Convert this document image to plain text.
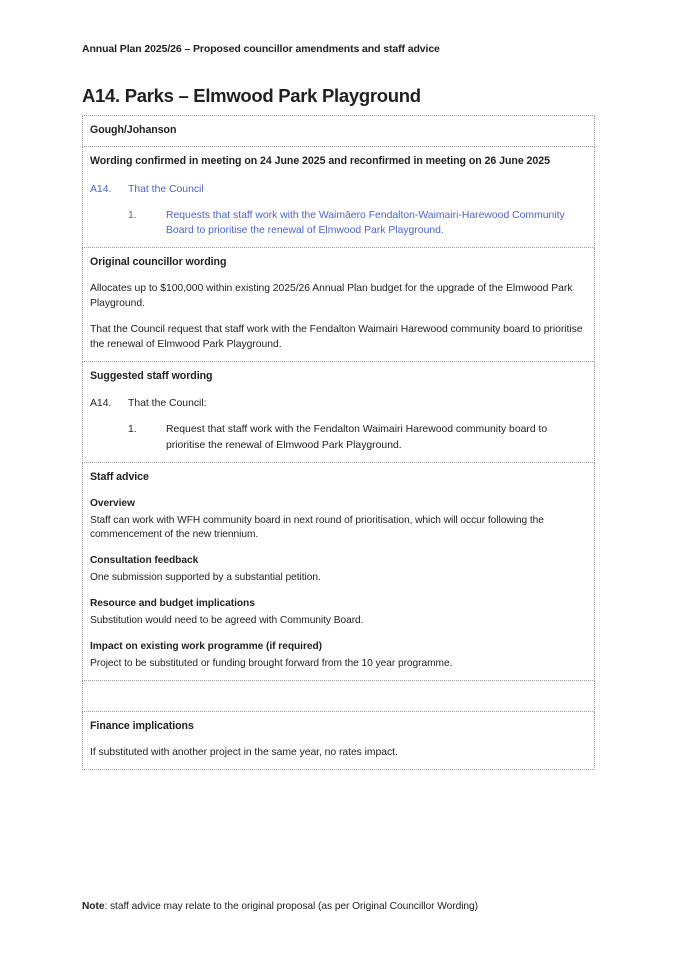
Annual Plan 2025/26 – Proposed councillor amendments and staff advice
A14. Parks – Elmwood Park Playground

Gough/Johanson

Wording confirmed in meeting on 24 June 2025 and reconfirmed in meeting on 26 June 2025

A14.	That the Council
1.	Requests that staff work with the Waimāero Fendalton-Waimairi-Harewood Community Board to prioritise the renewal of Elmwood Park Playground.

Original councillor wording

Allocates up to $100,000 within existing 2025/26 Annual Plan budget for the upgrade of the Elmwood Park Playground.

That the Council request that staff work with the Fendalton Waimairi Harewood community board to prioritise the renewal of Elmwood Park Playground.

Suggested staff wording

A14.	That the Council:
1.	Request that staff work with the Fendalton Waimairi Harewood community board to prioritise the renewal of Elmwood Park Playground.

Staff advice

Overview

Staff can work with WFH community board in next round of prioritisation, which will occur following the commencement of the new triennium.

Consultation feedback

One submission supported by a substantial petition.

Resource and budget implications

Substitution would need to be agreed with Community Board.

Impact on existing work programme (if required)

Project to be substituted or funding brought forward from the 10 year programme.

Finance implications

If substituted with another project in the same year, no rates impact.

Note: staff advice may relate to the original proposal (as per Original Councillor Wording)
